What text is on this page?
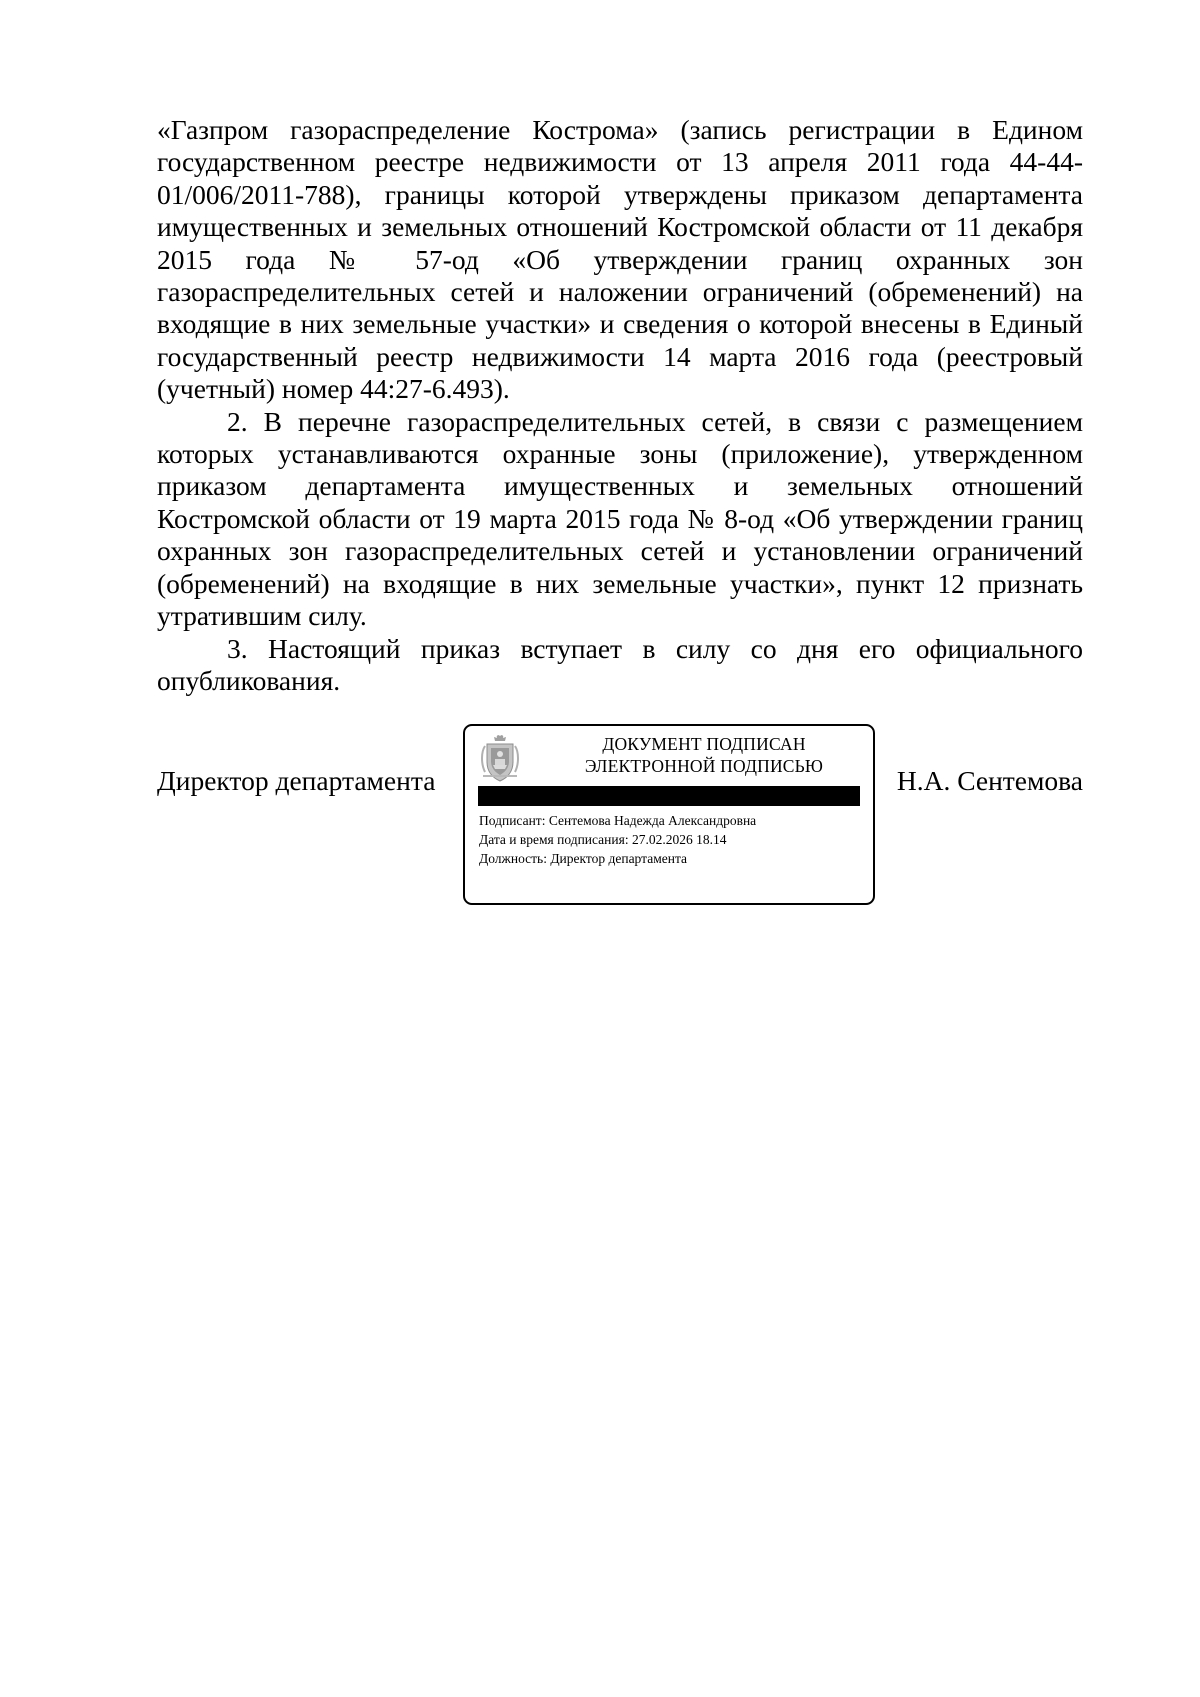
«Газпром газораспределение Кострома» (запись регистрации в Едином государственном реестре недвижимости от 13 апреля 2011 года 44-44-01/006/2011-788), границы которой утверждены приказом департамента имущественных и земельных отношений Костромской области от 11 декабря 2015 года № 57-од «Об утверждении границ охранных зон газораспределительных сетей и наложении ограничений (обременений) на входящие в них земельные участки» и сведения о которой внесены в Единый государственный реестр недвижимости 14 марта 2016 года (реестровый (учетный) номер 44:27-6.493).

2. В перечне газораспределительных сетей, в связи с размещением которых устанавливаются охранные зоны (приложение), утвержденном приказом департамента имущественных и земельных отношений Костромской области от 19 марта 2015 года № 8-од «Об утверждении границ охранных зон газораспределительных сетей и установлении ограничений (обременений) на входящие в них земельные участки», пункт 12 признать утратившим силу.

3. Настоящий приказ вступает в силу со дня его официального опубликования.

Директор департамента
ДОКУМЕНТ ПОДПИСАН
ЭЛЕКТРОННОЙ ПОДПИСЬЮ
Подписант: Сентемова Надежда Александровна
Дата и время подписания: 27.02.2026 18.14
Должность: Директор департамента
Н.А. Сентемова
